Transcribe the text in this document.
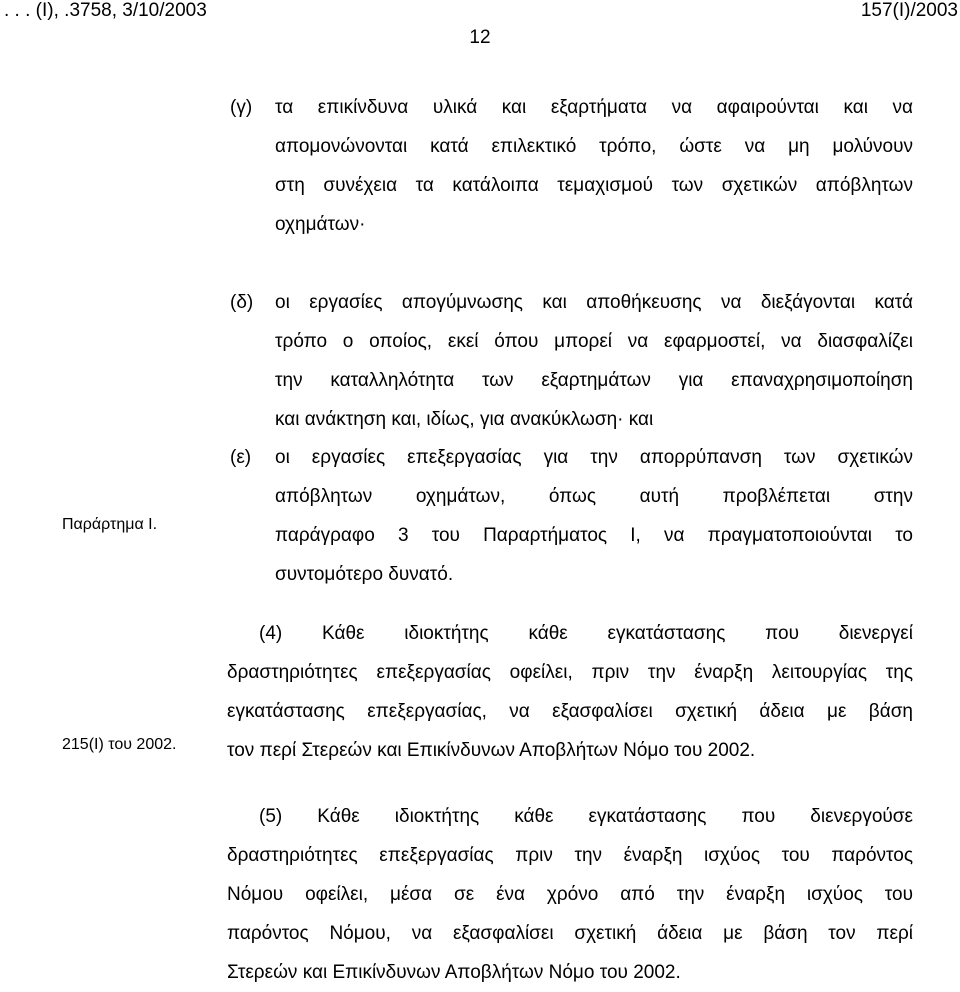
. . . (Ι), .3758, 3/10/2003	157(Ι)/2003
12
(γ) τα επικίνδυνα υλικά και εξαρτήματα να αφαιρούνται και να
απομονώνονται κατά επιλεκτικό τρόπο, ώστε να μη μολύνουν
στη συνέχεια τα κατάλοιπα τεμαχισμού των σχετικών απόβλητων
οχημάτων·
(δ) οι εργασίες απογύμνωσης και αποθήκευσης να διεξάγονται κατά
τρόπο ο οποίος, εκεί όπου μπορεί να εφαρμοστεί, να διασφαλίζει
την καταλληλότητα των εξαρτημάτων για επαναχρησιμοποίηση
και ανάκτηση και, ιδίως, για ανακύκλωση· και
(ε) οι εργασίες επεξεργασίας για την απορρύπανση των σχετικών
απόβλητων οχημάτων, όπως αυτή προβλέπεται στην
παράγραφο 3 του Παραρτήματος Ι, να πραγματοποιούνται το
συντομότερο δυνατό.
Παράρτημα Ι.
215(Ι) του 2002.
(4) Κάθε ιδιοκτήτης κάθε εγκατάστασης που διενεργεί
δραστηριότητες επεξεργασίας οφείλει, πριν την έναρξη λειτουργίας της
εγκατάστασης επεξεργασίας, να εξασφαλίσει σχετική άδεια με βάση
τον περί Στερεών και Επικίνδυνων Αποβλήτων Νόμο του 2002.
(5) Κάθε ιδιοκτήτης κάθε εγκατάστασης που διενεργούσε
δραστηριότητες επεξεργασίας πριν την έναρξη ισχύος του παρόντος
Νόμου οφείλει, μέσα σε ένα χρόνο από την έναρξη ισχύος του
παρόντος Νόμου, να εξασφαλίσει σχετική άδεια με βάση τον περί
Στερεών και Επικίνδυνων Αποβλήτων Νόμο του 2002.
